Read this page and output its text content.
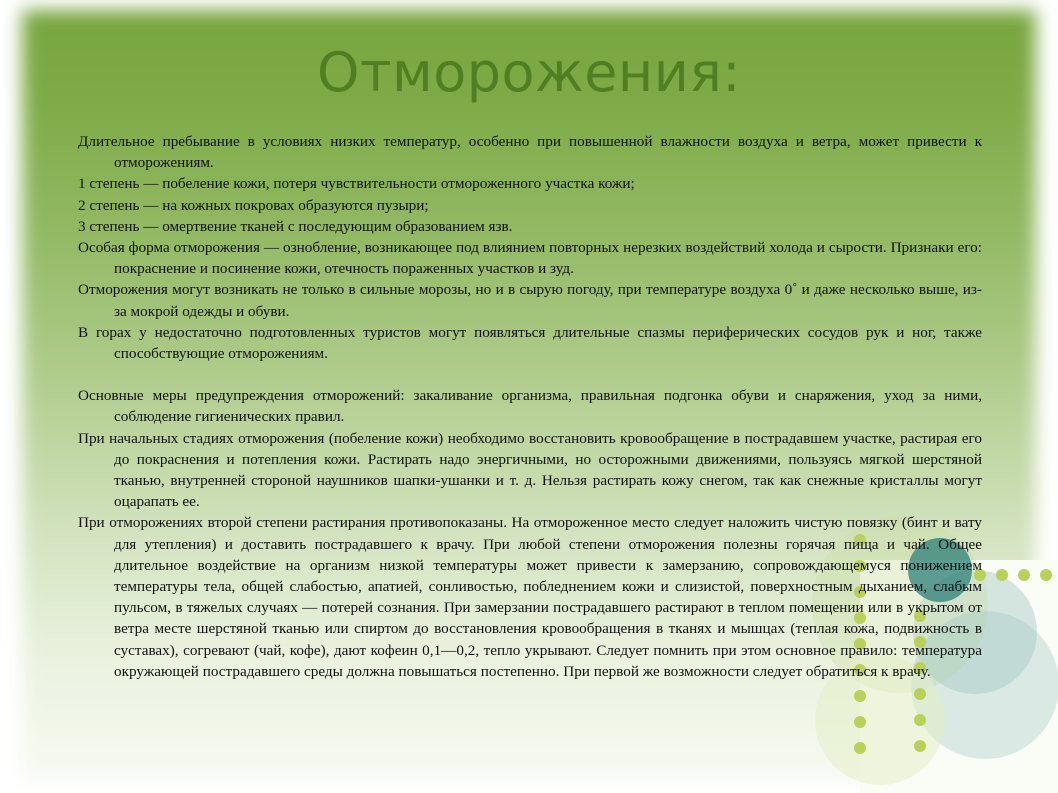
Отморожения:

Длительное пребывание в условиях низких температур, особенно при повышенной влажности воздуха и ветра, может привести к отморожениям.

1 степень — побеление кожи, потеря чувствительности отмороженного участка кожи;

2 степень — на кожных покровах образуются пузыри;

3 степень — омертвение тканей с последующим образованием язв.

Особая форма отморожения — ознобление, возникающее под влиянием повторных нерезких воздействий холода и сырости. Признаки его: покраснение и посинение кожи, отечность пораженных участков и зуд.

Отморожения могут возникать не только в сильные морозы, но и в сырую погоду, при температуре воздуха 0˚ и даже несколько выше, из-за мокрой одежды и обуви.

В горах у недостаточно подготовленных туристов могут появляться длительные спазмы периферических сосудов рук и ног, также способствующие отморожениям.

Основные меры предупреждения отморожений: закаливание организма, правильная подгонка обуви и снаряжения, уход за ними, соблюдение гигиенических правил.

При начальных стадиях отморожения (побеление кожи) необходимо восстановить кровообращение в пострадавшем участке, растирая его до покраснения и потепления кожи. Растирать надо энергичными, но осторожными движениями, пользуясь мягкой шерстяной тканью, внутренней стороной наушников шапки-ушанки и т. д. Нельзя растирать кожу снегом, так как снежные кристаллы могут оцарапать ее.

При отморожениях второй степени растирания противопоказаны. На отмороженное место следует наложить чистую повязку (бинт и вату для утепления) и доставить пострадавшего к врачу. При любой степени отморожения полезны горячая пища и чай. Общее длительное воздействие на организм низкой температуры может привести к замерзанию, сопровождающемуся понижением температуры тела, общей слабостью, апатией, сонливостью, побледнением кожи и слизистой, поверхностным дыханием, слабым пульсом, в тяжелых случаях — потерей сознания. При замерзании пострадавшего растирают в теплом помещении или в укрытом от ветра месте шерстяной тканью или спиртом до восстановления кровообращения в тканях и мышцах (теплая кожа, подвижность в суставах), согревают (чай, кофе), дают кофеин 0,1—0,2, тепло укрывают. Следует помнить при этом основное правило: температура окружающей пострадавшего среды должна повышаться постепенно. При первой же возможности следует обратиться к врачу.
